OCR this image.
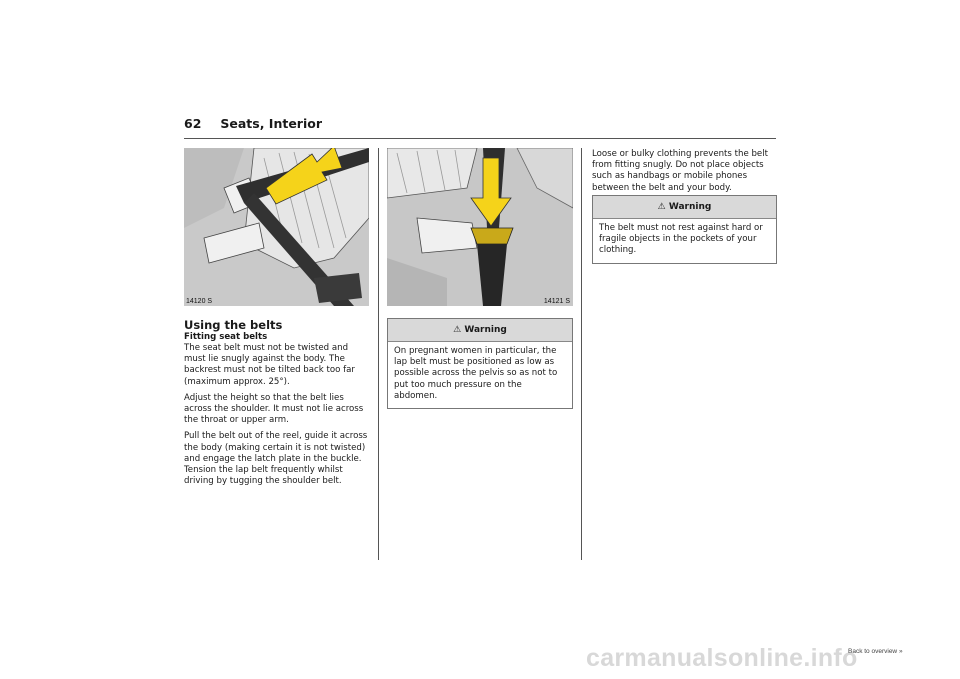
62 Seats, Interior
14120 S	14121 S
Using the belts
Fitting seat belts

The seat belt must not be twisted and must lie snugly against the body. The backrest must not be tilted back too far (maximum approx. 25°).

Adjust the height so that the belt lies across the shoulder. It must not lie across the throat or upper arm.

Pull the belt out of the reel, guide it across the body (making certain it is not twisted) and engage the latch plate in the buckle. Tension the lap belt frequently whilst driving by tugging the shoulder belt.

⚠ Warning
On pregnant women in particular, the lap belt must be positioned as low as possible across the pelvis so as not to put too much pressure on the abdomen.

Loose or bulky clothing prevents the belt from fitting snugly. Do not place objects such as handbags or mobile phones between the belt and your body.

⚠ Warning
The belt must not rest against hard or fragile objects in the pockets of your clothing.
carmanualsonline.info
Back to overview »
